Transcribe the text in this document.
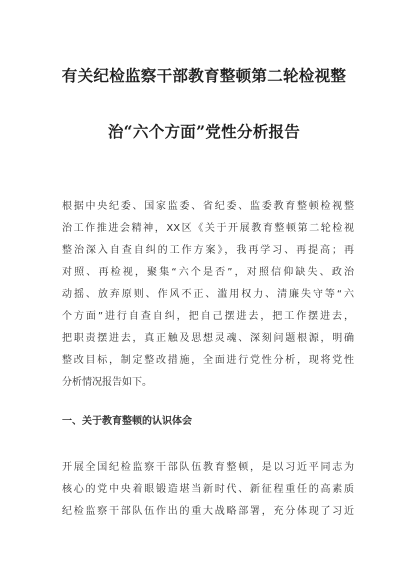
有关纪检监察干部教育整顿第二轮检视整
治“六个方面”党性分析报告
根据中央纪委、国家监委、省纪委、监委教育整顿检视整
治工作推进会精神，XX区《关于开展教育整顿第二轮检视
整治深入自查自纠的工作方案》，我再学习、再提高；再
对照、再检视，聚集“六个是否”，对照信仰缺失、政治
动摇、放弃原则、作风不正、滥用权力、清廉失守等“六
个方面”进行自查自纠，把自己摆进去，把工作摆进去，
把职责摆进去，真正触及思想灵魂、深刻问题根源，明确
整改目标，制定整改措施，全面进行党性分析，现将党性
分析情况报告如下。
一、关于教育整顿的认识体会
开展全国纪检监察干部队伍教育整顿，是以习近平同志为
核心的党中央着眼锻造堪当新时代、新征程重任的高素质
纪检监察干部队伍作出的重大战略部署，充分体现了习近
